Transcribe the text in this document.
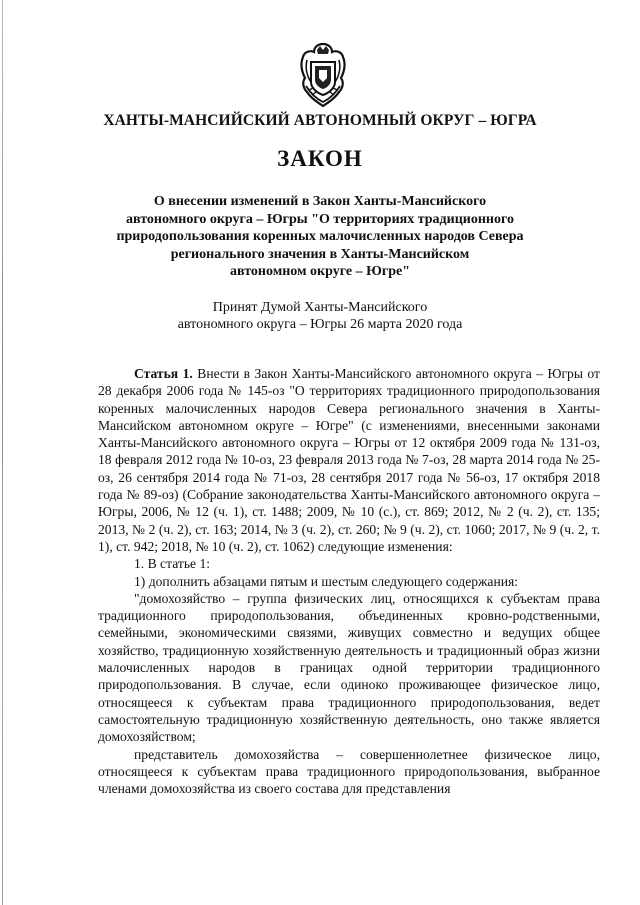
ХАНТЫ-МАНСИЙСКИЙ АВТОНОМНЫЙ ОКРУГ – ЮГРА
ЗАКОН
О внесении изменений в Закон Ханты-Мансийского
автономного округа – Югры "О территориях традиционного
природопользования коренных малочисленных народов Севера
регионального значения в Ханты-Мансийском
автономном округе – Югре"
Принят Думой Ханты-Мансийского
автономного округа – Югры 26 марта 2020 года

Статья 1. Внести в Закон Ханты-Мансийского автономного округа – Югры от 28 декабря 2006 года № 145-оз "О территориях традиционного природопользования коренных малочисленных народов Севера регионального значения в Ханты-Мансийском автономном округе – Югре" (с изменениями, внесенными законами Ханты-Мансийского автономного округа – Югры от 12 октября 2009 года № 131-оз, 18 февраля 2012 года № 10-оз, 23 февраля 2013 года № 7-оз, 28 марта 2014 года № 25-оз, 26 сентября 2014 года № 71-оз, 28 сентября 2017 года № 56-оз, 17 октября 2018 года № 89-оз) (Собрание законодательства Ханты-Мансийского автономного округа – Югры, 2006, № 12 (ч. 1), ст. 1488; 2009, № 10 (с.), ст. 869; 2012, № 2 (ч. 2), ст. 135; 2013, № 2 (ч. 2), ст. 163; 2014, № 3 (ч. 2), ст. 260; № 9 (ч. 2), ст. 1060; 2017, № 9 (ч. 2, т. 1), ст. 942; 2018, № 10 (ч. 2), ст. 1062) следующие изменения:

1. В статье 1:

1) дополнить абзацами пятым и шестым следующего содержания:

"домохозяйство – группа физических лиц, относящихся к субъектам права традиционного природопользования, объединенных кровно-родственными, семейными, экономическими связями, живущих совместно и ведущих общее хозяйство, традиционную хозяйственную деятельность и традиционный образ жизни малочисленных народов в границах одной территории традиционного природопользования. В случае, если одиноко проживающее физическое лицо, относящееся к субъектам права традиционного природопользования, ведет самостоятельную традиционную хозяйственную деятельность, оно также является домохозяйством;

представитель домохозяйства – совершеннолетнее физическое лицо, относящееся к субъектам права традиционного природопользования, выбранное членами домохозяйства из своего состава для представления
